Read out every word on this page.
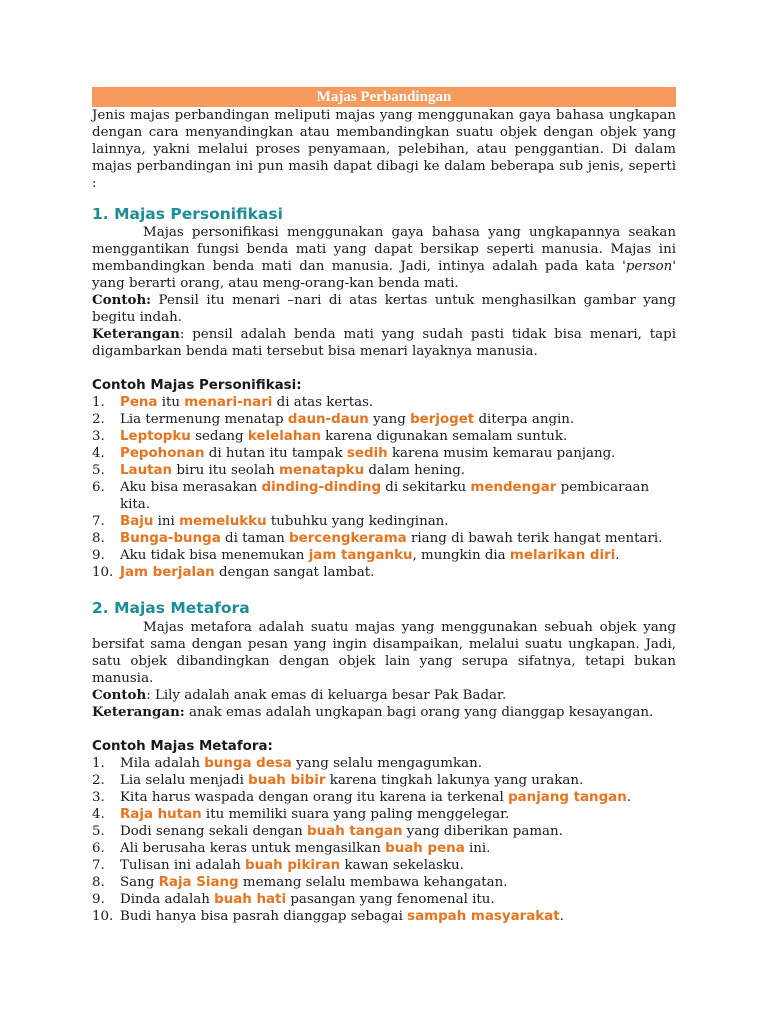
Majas Perbandingan

Jenis majas perbandingan meliputi majas yang menggunakan gaya bahasa ungkapan dengan cara menyandingkan atau membandingkan suatu objek dengan objek yang lainnya, yakni melalui proses penyamaan, pelebihan, atau penggantian. Di dalam majas perbandingan ini pun masih dapat dibagi ke dalam beberapa sub jenis, seperti :

1. Majas Personifikasi

Majas personifikasi menggunakan gaya bahasa yang ungkapannya seakan menggantikan fungsi benda mati yang dapat bersikap seperti manusia. Majas ini membandingkan benda mati dan manusia. Jadi, intinya adalah pada kata 'person' yang berarti orang, atau meng-orang-kan benda mati.

Contoh: Pensil itu menari –nari di atas kertas untuk menghasilkan gambar yang begitu indah.

Keterangan: pensil adalah benda mati yang sudah pasti tidak bisa menari, tapi digambarkan benda mati tersebut bisa menari layaknya manusia.

Contoh Majas Personifikasi:

1. Pena itu menari-nari di atas kertas.
2. Lia termenung menatap daun-daun yang berjoget diterpa angin.
3. Leptopku sedang kelelahan karena digunakan semalam suntuk.
4. Pepohonan di hutan itu tampak sedih karena musim kemarau panjang.
5. Lautan biru itu seolah menatapku dalam hening.
6. Aku bisa merasakan dinding-dinding di sekitarku mendengar pembicaraan kita.
7. Baju ini memelukku tubuhku yang kedinginan.
8. Bunga-bunga di taman bercengkerama riang di bawah terik hangat mentari.
9. Aku tidak bisa menemukan jam tanganku, mungkin dia melarikan diri.
10. Jam berjalan dengan sangat lambat.
2. Majas Metafora

Majas metafora adalah suatu majas yang menggunakan sebuah objek yang bersifat sama dengan pesan yang ingin disampaikan, melalui suatu ungkapan. Jadi, satu objek dibandingkan dengan objek lain yang serupa sifatnya, tetapi bukan manusia.

Contoh: Lily adalah anak emas di keluarga besar Pak Badar.

Keterangan: anak emas adalah ungkapan bagi orang yang dianggap kesayangan.

Contoh Majas Metafora:

1. Mila adalah bunga desa yang selalu mengagumkan.
2. Lia selalu menjadi buah bibir karena tingkah lakunya yang urakan.
3. Kita harus waspada dengan orang itu karena ia terkenal panjang tangan.
4. Raja hutan itu memiliki suara yang paling menggelegar.
5. Dodi senang sekali dengan buah tangan yang diberikan paman.
6. Ali berusaha keras untuk mengasilkan buah pena ini.
7. Tulisan ini adalah buah pikiran kawan sekelasku.
8. Sang Raja Siang memang selalu membawa kehangatan.
9. Dinda adalah buah hati pasangan yang fenomenal itu.
10. Budi hanya bisa pasrah dianggap sebagai sampah masyarakat.
